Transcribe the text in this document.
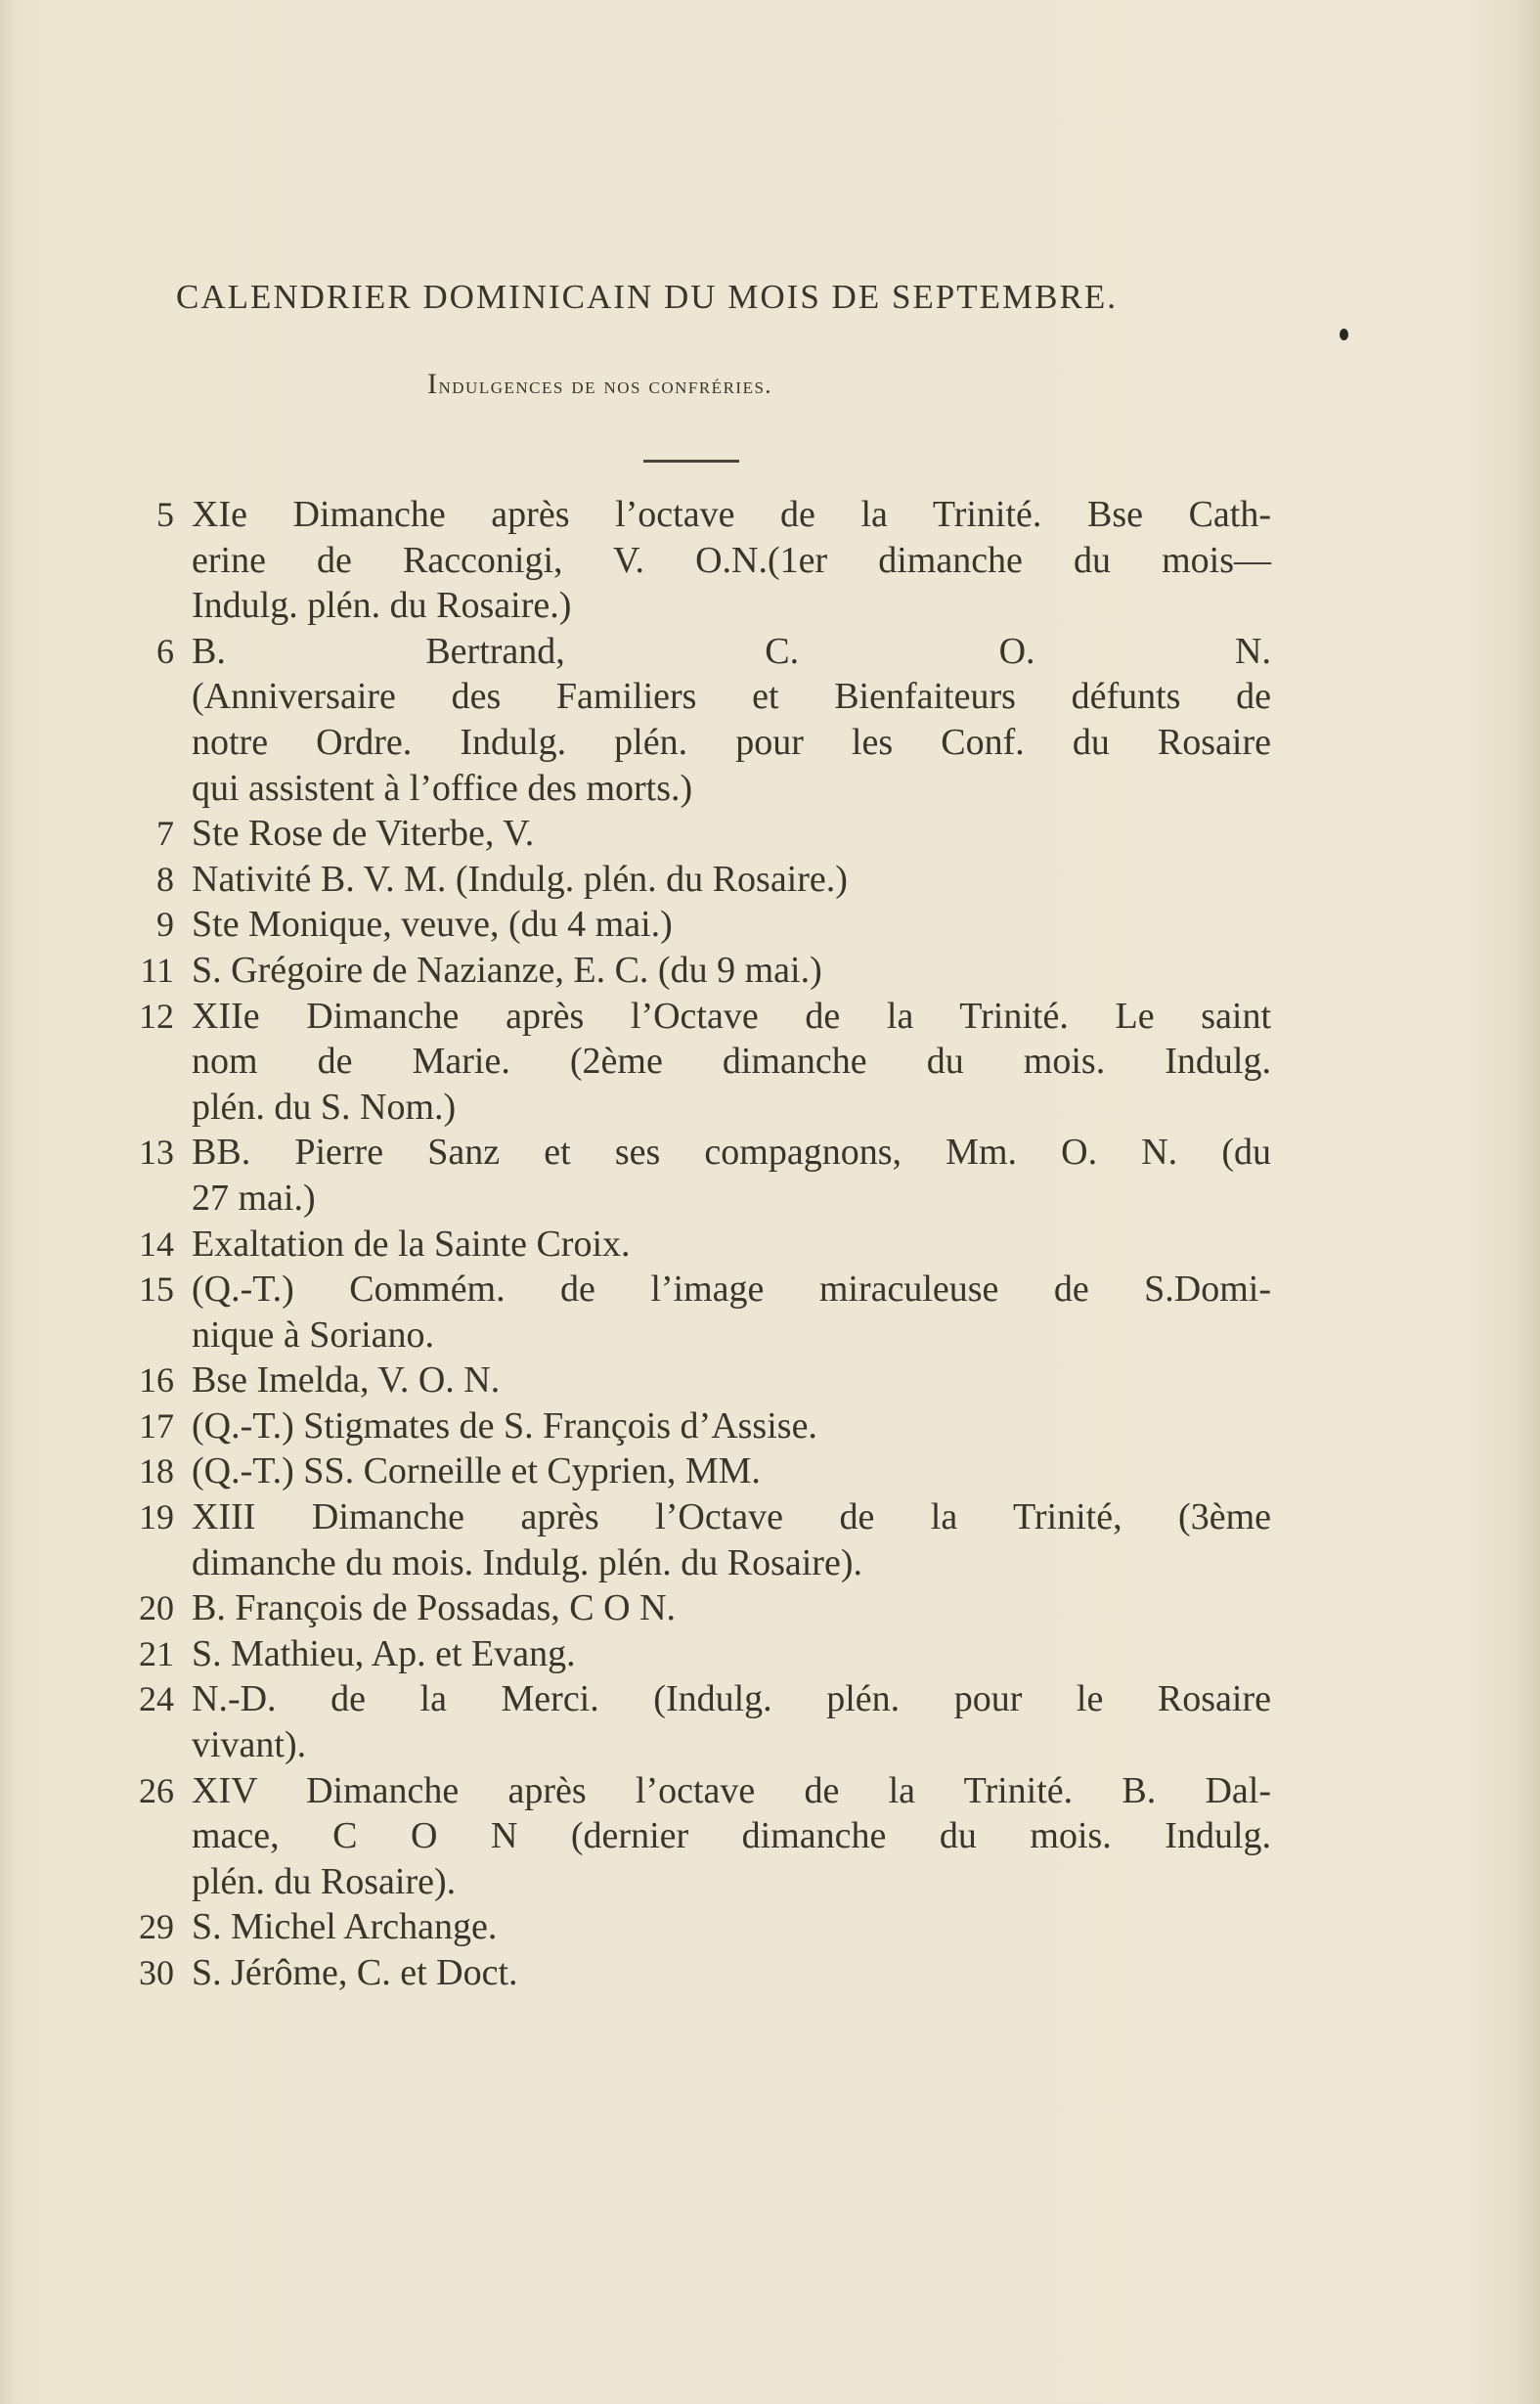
CALENDRIER DOMINICAIN DU MOIS DE SEPTEMBRE.
Indulgences de nos confréries.
5 XIe Dimanche après l’octave de la Trinité. Bse Cath-
erine de Racconigi, V. O.N.(1er dimanche du mois—
Indulg. plén. du Rosaire.)
6 B. Bertrand, C. O. N.
(Anniversaire des Familiers et Bienfaiteurs défunts de
notre Ordre. Indulg. plén. pour les Conf. du Rosaire
qui assistent à l’office des morts.)
7 Ste Rose de Viterbe, V.
8 Nativité B. V. M. (Indulg. plén. du Rosaire.)
9 Ste Monique, veuve, (du 4 mai.)
11 S. Grégoire de Nazianze, E. C. (du 9 mai.)
12 XIIe Dimanche après l’Octave de la Trinité. Le saint
nom de Marie. (2ème dimanche du mois. Indulg.
plén. du S. Nom.)
13 BB. Pierre Sanz et ses compagnons, Mm. O. N. (du
27 mai.)
14 Exaltation de la Sainte Croix.
15 (Q.-T.) Commém. de l’image miraculeuse de S.Domi-
nique à Soriano.
16 Bse Imelda, V. O. N.
17 (Q.-T.) Stigmates de S. François d’Assise.
18 (Q.-T.) SS. Corneille et Cyprien, MM.
19 XIII Dimanche après l’Octave de la Trinité, (3ème
dimanche du mois. Indulg. plén. du Rosaire).
20 B. François de Possadas, C O N.
21 S. Mathieu, Ap. et Evang.
24 N.-D. de la Merci. (Indulg. plén. pour le Rosaire
vivant).
26 XIV Dimanche après l’octave de la Trinité. B. Dal-
mace, C O N (dernier dimanche du mois. Indulg.
plén. du Rosaire).
29 S. Michel Archange.
30 S. Jérôme, C. et Doct.
